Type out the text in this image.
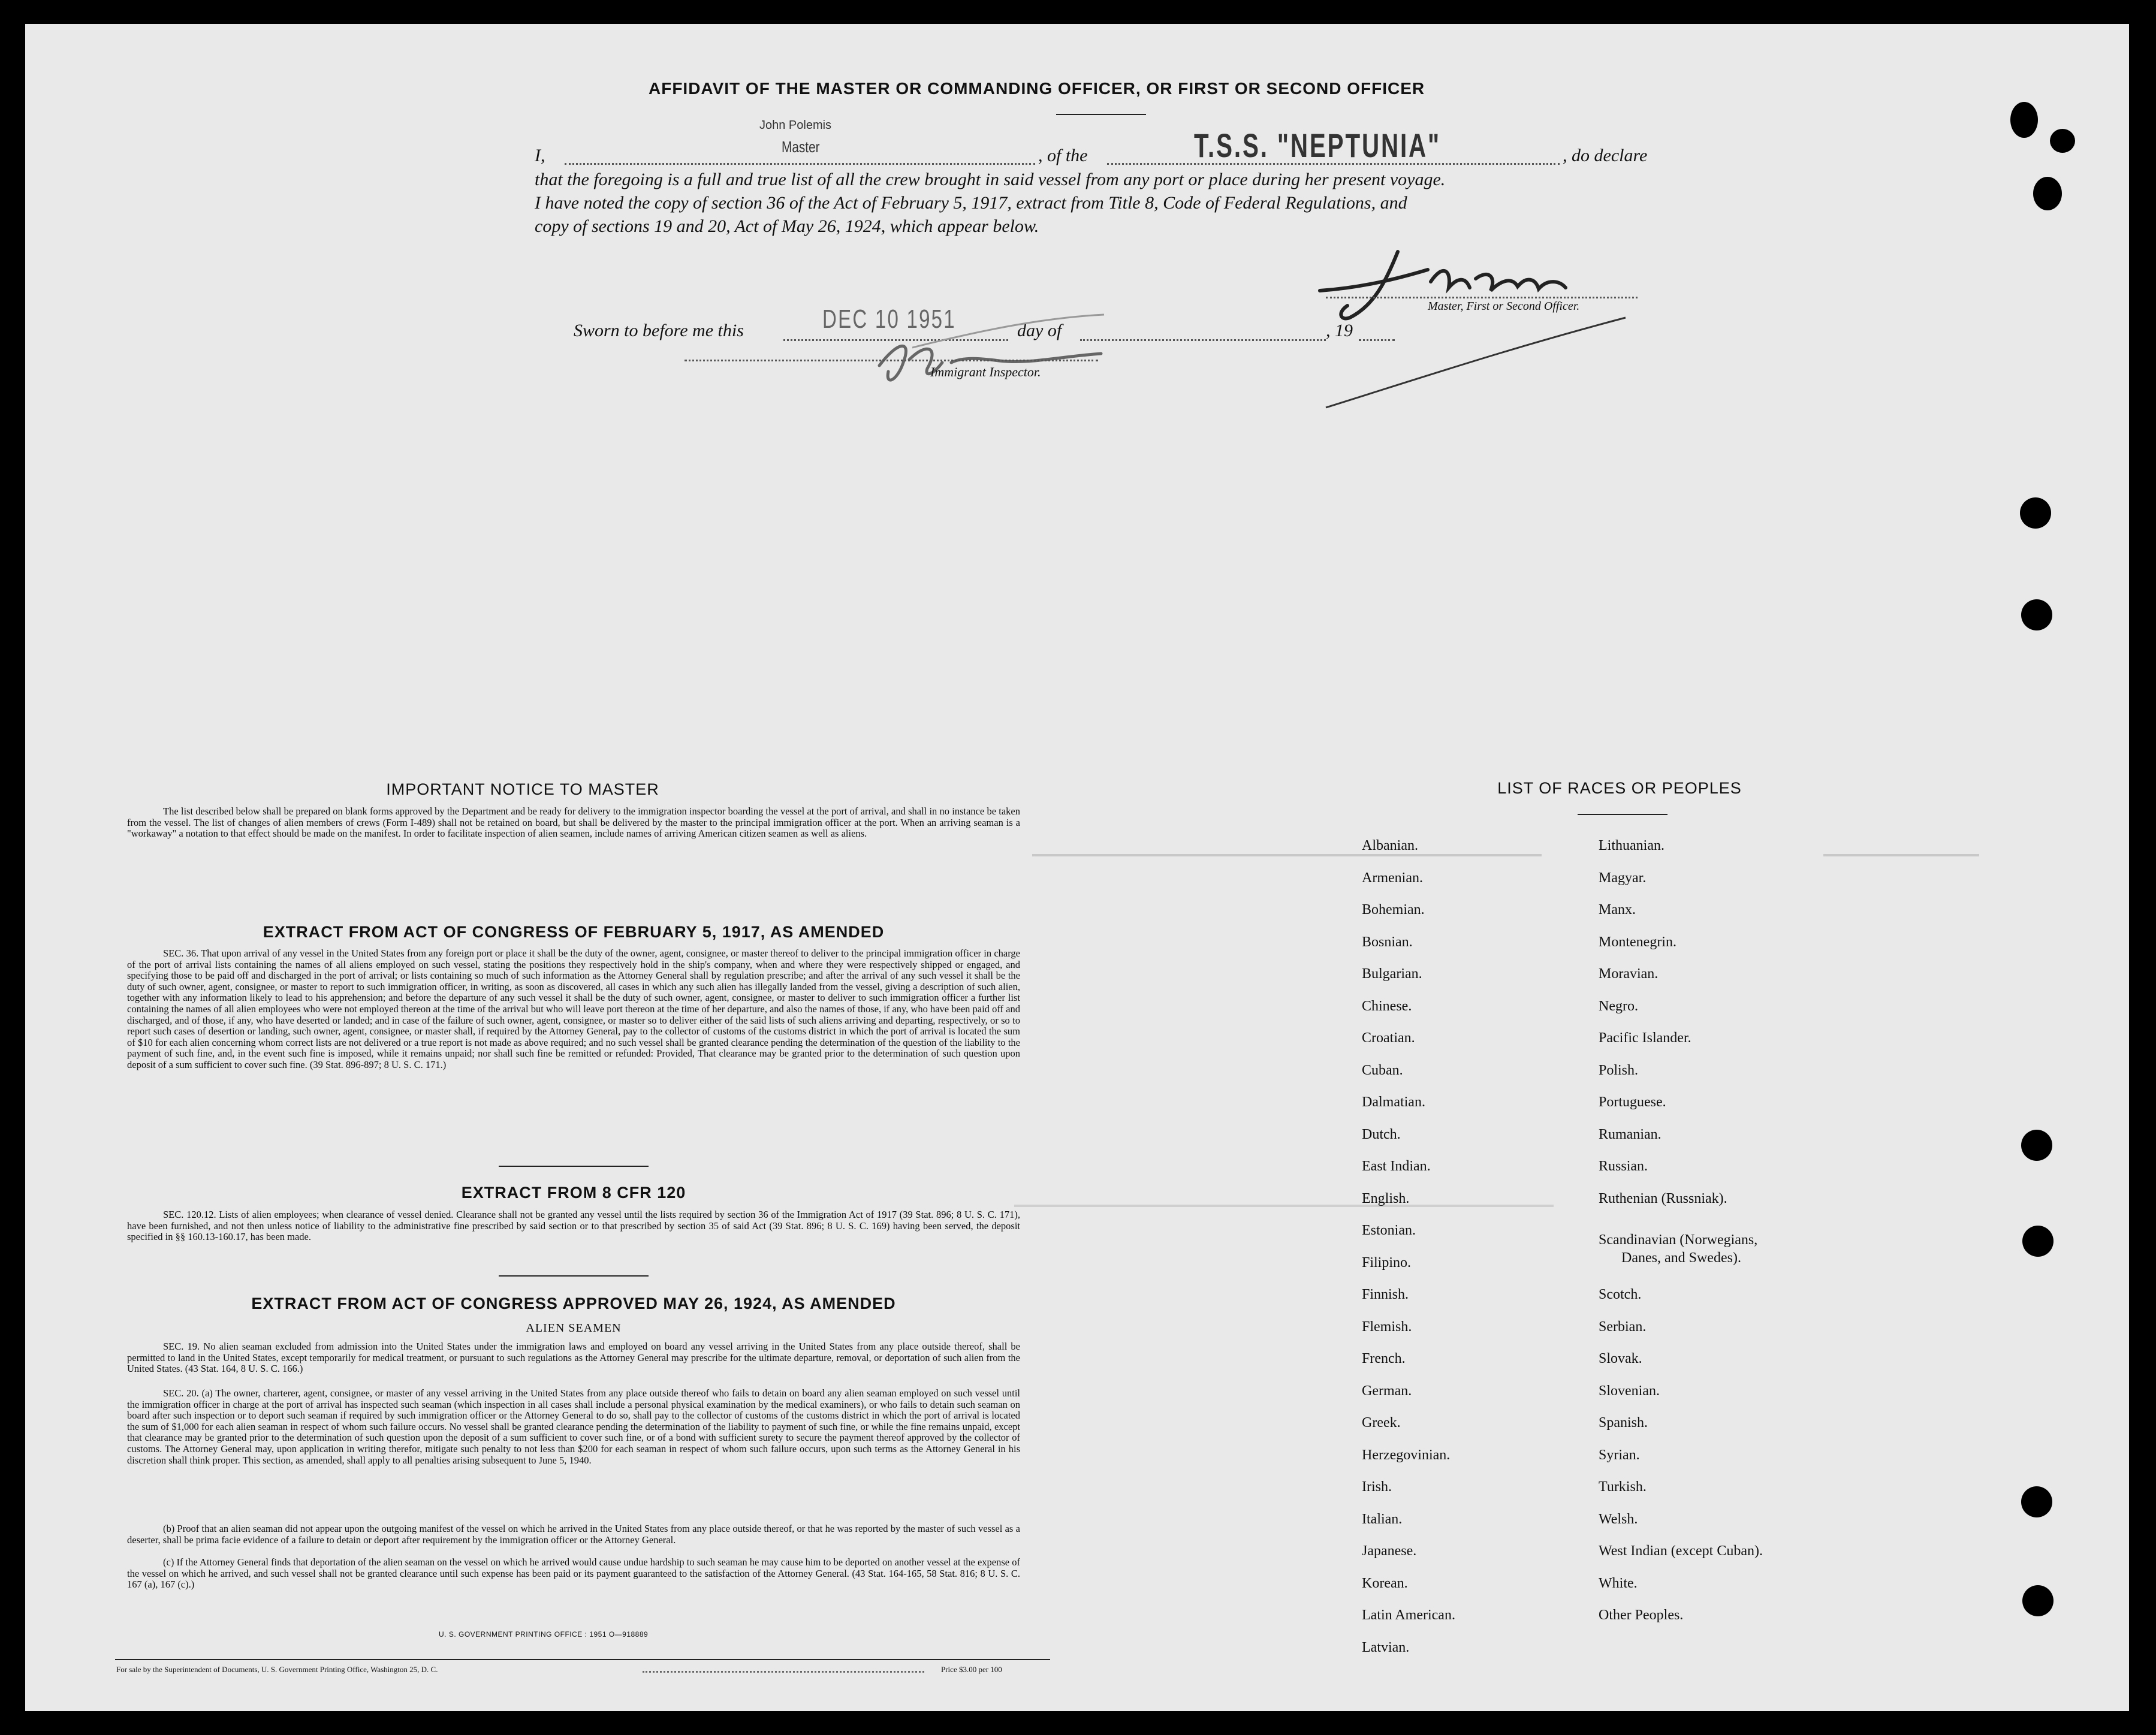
AFFIDAVIT OF THE MASTER OR COMMANDING OFFICER, OR FIRST OR SECOND OFFICER
I,
John Polemis
Master	, of the	T.S.S. "NEPTUNIA"	, do declare
that the foregoing is a full and true list of all the crew brought in said vessel from any port or place during her present voyage.
I have noted the copy of section 36 of the Act of February 5, 1917, extract from Title 8, Code of Federal Regulations, and
copy of sections 19 and 20, Act of May 26, 1924, which appear below.
Master, First or Second Officer.
Sworn to before me this	DEC 10 1951	day of	, 19
Immigrant Inspector.
IMPORTANT NOTICE TO MASTER
The list described below shall be prepared on blank forms approved by the Department and be ready for delivery to the immigration inspector boarding the vessel at the port of arrival, and shall in no instance be taken from the vessel. The list of changes of alien members of crews (Form I-489) shall not be retained on board, but shall be delivered by the master to the principal immigration officer at the port. When an arriving seaman is a "workaway" a notation to that effect should be made on the manifest. In order to facilitate inspection of alien seamen, include names of arriving American citizen seamen as well as aliens.
EXTRACT FROM ACT OF CONGRESS OF FEBRUARY 5, 1917, AS AMENDED
SEC. 36. That upon arrival of any vessel in the United States from any foreign port or place it shall be the duty of the owner, agent, consignee, or master thereof to deliver to the principal immigration officer in charge of the port of arrival lists containing the names of all aliens employed on such vessel, stating the positions they respectively hold in the ship's company, when and where they were respectively shipped or engaged, and specifying those to be paid off and discharged in the port of arrival; or lists containing so much of such information as the Attorney General shall by regulation prescribe; and after the arrival of any such vessel it shall be the duty of such owner, agent, consignee, or master to report to such immigration officer, in writing, as soon as discovered, all cases in which any such alien has illegally landed from the vessel, giving a description of such alien, together with any information likely to lead to his apprehension; and before the departure of any such vessel it shall be the duty of such owner, agent, consignee, or master to deliver to such immigration officer a further list containing the names of all alien employees who were not employed thereon at the time of the arrival but who will leave port thereon at the time of her departure, and also the names of those, if any, who have been paid off and discharged, and of those, if any, who have deserted or landed; and in case of the failure of such owner, agent, consignee, or master so to deliver either of the said lists of such aliens arriving and departing, respectively, or so to report such cases of desertion or landing, such owner, agent, consignee, or master shall, if required by the Attorney General, pay to the collector of customs of the customs district in which the port of arrival is located the sum of $10 for each alien concerning whom correct lists are not delivered or a true report is not made as above required; and no such vessel shall be granted clearance pending the determination of the question of the liability to the payment of such fine, and, in the event such fine is imposed, while it remains unpaid; nor shall such fine be remitted or refunded: Provided, That clearance may be granted prior to the determination of such question upon deposit of a sum sufficient to cover such fine. (39 Stat. 896-897; 8 U. S. C. 171.)
EXTRACT FROM 8 CFR 120
SEC. 120.12. Lists of alien employees; when clearance of vessel denied. Clearance shall not be granted any vessel until the lists required by section 36 of the Immigration Act of 1917 (39 Stat. 896; 8 U. S. C. 171), have been furnished, and not then unless notice of liability to the administrative fine prescribed by said section or to that prescribed by section 35 of said Act (39 Stat. 896; 8 U. S. C. 169) having been served, the deposit specified in §§ 160.13-160.17, has been made.
EXTRACT FROM ACT OF CONGRESS APPROVED MAY 26, 1924, AS AMENDED
ALIEN SEAMEN
SEC. 19. No alien seaman excluded from admission into the United States under the immigration laws and employed on board any vessel arriving in the United States from any place outside thereof, shall be permitted to land in the United States, except temporarily for medical treatment, or pursuant to such regulations as the Attorney General may prescribe for the ultimate departure, removal, or deportation of such alien from the United States. (43 Stat. 164, 8 U. S. C. 166.)
SEC. 20. (a) The owner, charterer, agent, consignee, or master of any vessel arriving in the United States from any place outside thereof who fails to detain on board any alien seaman employed on such vessel until the immigration officer in charge at the port of arrival has inspected such seaman (which inspection in all cases shall include a personal physical examination by the medical examiners), or who fails to detain such seaman on board after such inspection or to deport such seaman if required by such immigration officer or the Attorney General to do so, shall pay to the collector of customs of the customs district in which the port of arrival is located the sum of $1,000 for each alien seaman in respect of whom such failure occurs. No vessel shall be granted clearance pending the determination of the liability to payment of such fine, or while the fine remains unpaid, except that clearance may be granted prior to the determination of such question upon the deposit of a sum sufficient to cover such fine, or of a bond with sufficient surety to secure the payment thereof approved by the collector of customs. The Attorney General may, upon application in writing therefor, mitigate such penalty to not less than $200 for each seaman in respect of whom such failure occurs, upon such terms as the Attorney General in his discretion shall think proper. This section, as amended, shall apply to all penalties arising subsequent to June 5, 1940.
(b) Proof that an alien seaman did not appear upon the outgoing manifest of the vessel on which he arrived in the United States from any place outside thereof, or that he was reported by the master of such vessel as a deserter, shall be prima facie evidence of a failure to detain or deport after requirement by the immigration officer or the Attorney General.
(c) If the Attorney General finds that deportation of the alien seaman on the vessel on which he arrived would cause undue hardship to such seaman he may cause him to be deported on another vessel at the expense of the vessel on which he arrived, and such vessel shall not be granted clearance until such expense has been paid or its payment guaranteed to the satisfaction of the Attorney General. (43 Stat. 164-165, 58 Stat. 816; 8 U. S. C. 167 (a), 167 (c).)
U. S. GOVERNMENT PRINTING OFFICE : 1951 O—918889
For sale by the Superintendent of Documents, U. S. Government Printing Office, Washington 25, D. C.	Price $3.00 per 100
LIST OF RACES OR PEOPLES
Albanian.
Armenian.
Bohemian.
Bosnian.
Bulgarian.
Chinese.
Croatian.
Cuban.
Dalmatian.
Dutch.
East Indian.
English.
Estonian.
Filipino.
Finnish.
Flemish.
French.
German.
Greek.
Herzegovinian.
Irish.
Italian.
Japanese.
Korean.
Latin American.
Latvian.
Lithuanian.
Magyar.
Manx.
Montenegrin.
Moravian.
Negro.
Pacific Islander.
Polish.
Portuguese.
Rumanian.
Russian.
Ruthenian (Russniak).
Scandinavian (Norwegians,
Danes, and Swedes).
Scotch.
Serbian.
Slovak.
Slovenian.
Spanish.
Syrian.
Turkish.
Welsh.
West Indian (except Cuban).
White.
Other Peoples.
